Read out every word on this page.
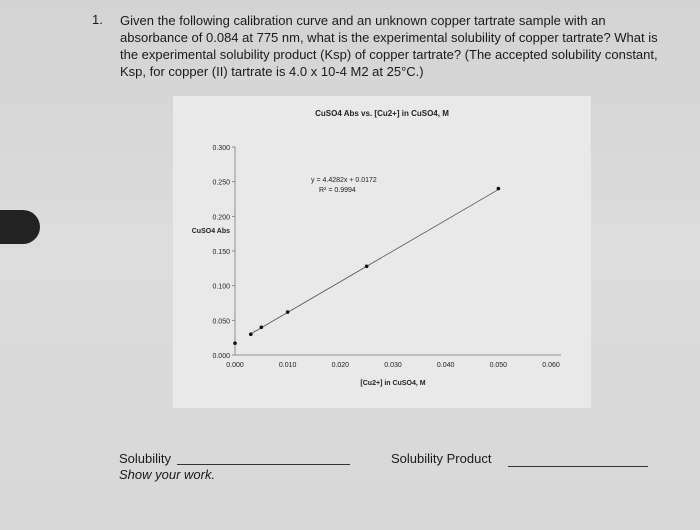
1. Given the following calibration curve and an unknown copper tartrate sample with an absorbance of 0.084 at 775 nm, what is the experimental solubility of copper tartrate? What is the experimental solubility product (Ksp) of copper tartrate? (The accepted solubility constant, Ksp, for copper (II) tartrate is 4.0 x 10-4 M2 at 25°C.)
CuSO4 Abs vs. [Cu2+] in CuSO4, M
0.000
0.050
0.100
0.150
0.200
0.250
0.300
0.000	0.010	0.020	0.030	0.040	0.050	0.060
CuSO4 Abs
[Cu2+] in CuSO4, M
y = 4.4282x + 0.0172
R² = 0.9994
Solubility
Show your work.
Solubility Product
